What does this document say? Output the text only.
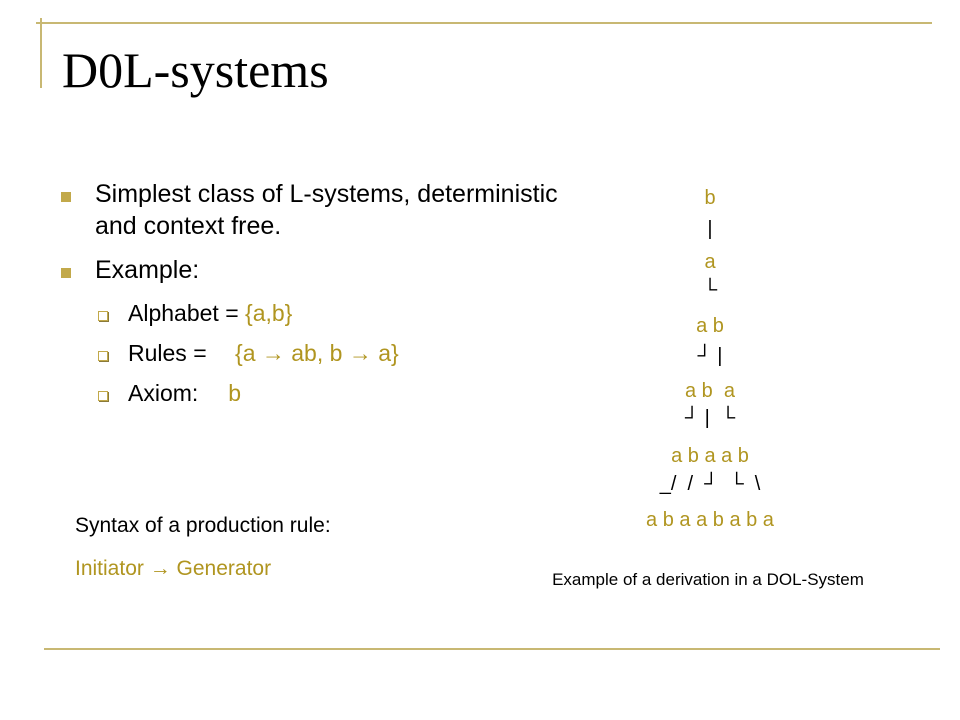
D0L-systems
Simplest class of L-systems, deterministic and context free.
Example:
Alphabet = {a,b}
Rules = {a → ab, b → a}
Axiom: b
Syntax of a production rule:
Initiator → Generator
b
|
a
└
a b
┘ |
a b  a
┘ |  └
a b a a b
_/  /  ┘  └  \
a b a a b a b a
Example of a derivation in a DOL-System
